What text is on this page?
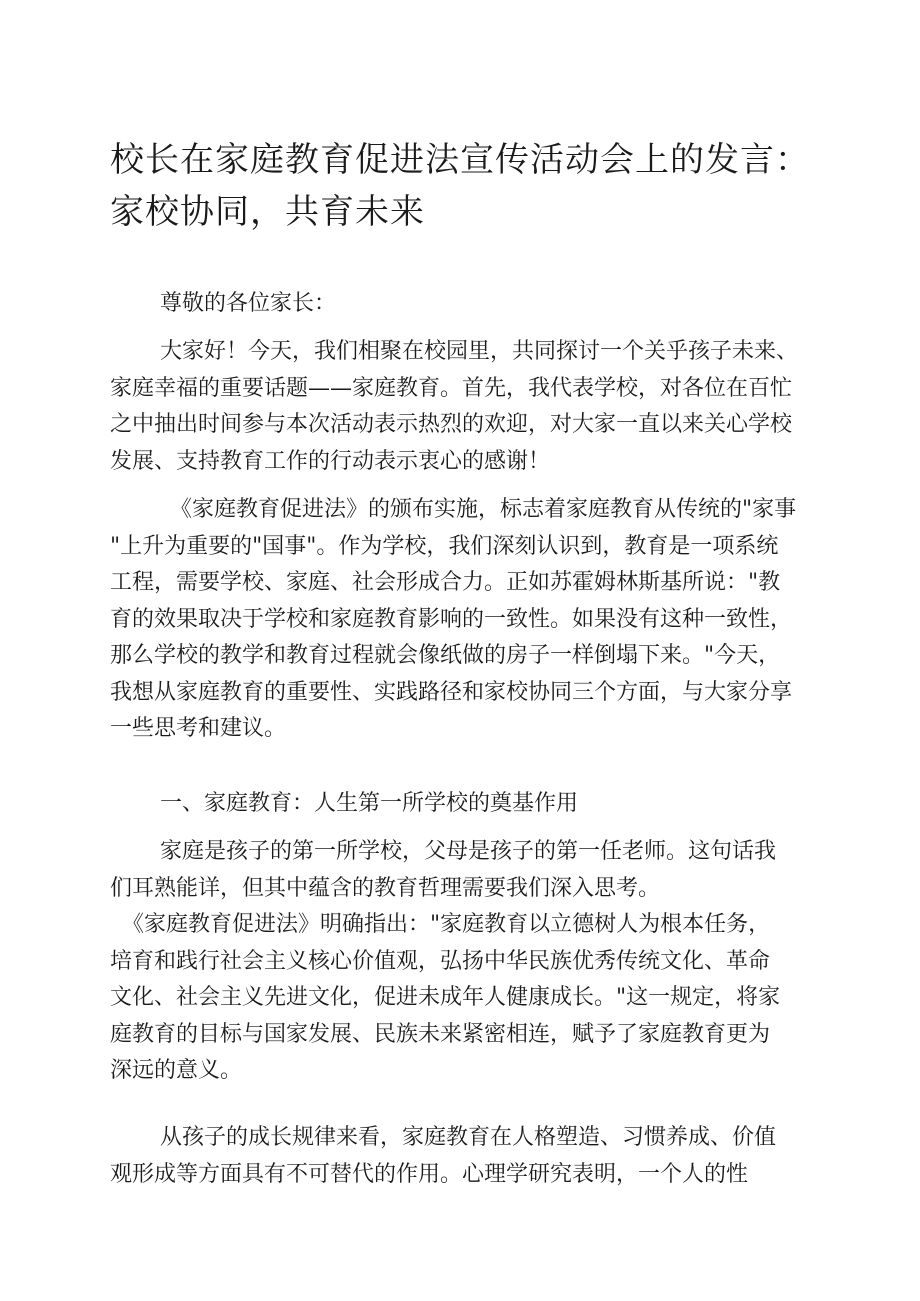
校长在家庭教育促进法宣传活动会上的发言：
家校协同，共育未来

尊敬的各位家长：

大家好！今天，我们相聚在校园里，共同探讨一个关乎孩子未来、
家庭幸福的重要话题——家庭教育。首先，我代表学校，对各位在百忙
之中抽出时间参与本次活动表示热烈的欢迎，对大家一直以来关心学校
发展、支持教育工作的行动表示衷心的感谢！

《家庭教育促进法》的颁布实施，标志着家庭教育从传统的"家事
"上升为重要的"国事"。作为学校，我们深刻认识到，教育是一项系统
工程，需要学校、家庭、社会形成合力。正如苏霍姆林斯基所说："教
育的效果取决于学校和家庭教育影响的一致性。如果没有这种一致性，
那么学校的教学和教育过程就会像纸做的房子一样倒塌下来。"今天，
我想从家庭教育的重要性、实践路径和家校协同三个方面，与大家分享
一些思考和建议。

一、家庭教育：人生第一所学校的奠基作用

家庭是孩子的第一所学校，父母是孩子的第一任老师。这句话我
们耳熟能详，但其中蕴含的教育哲理需要我们深入思考。
《家庭教育促进法》明确指出："家庭教育以立德树人为根本任务，
培育和践行社会主义核心价值观，弘扬中华民族优秀传统文化、革命
文化、社会主义先进文化，促进未成年人健康成长。"这一规定，将家
庭教育的目标与国家发展、民族未来紧密相连，赋予了家庭教育更为
深远的意义。

从孩子的成长规律来看，家庭教育在人格塑造、习惯养成、价值
观形成等方面具有不可替代的作用。心理学研究表明，一个人的性
